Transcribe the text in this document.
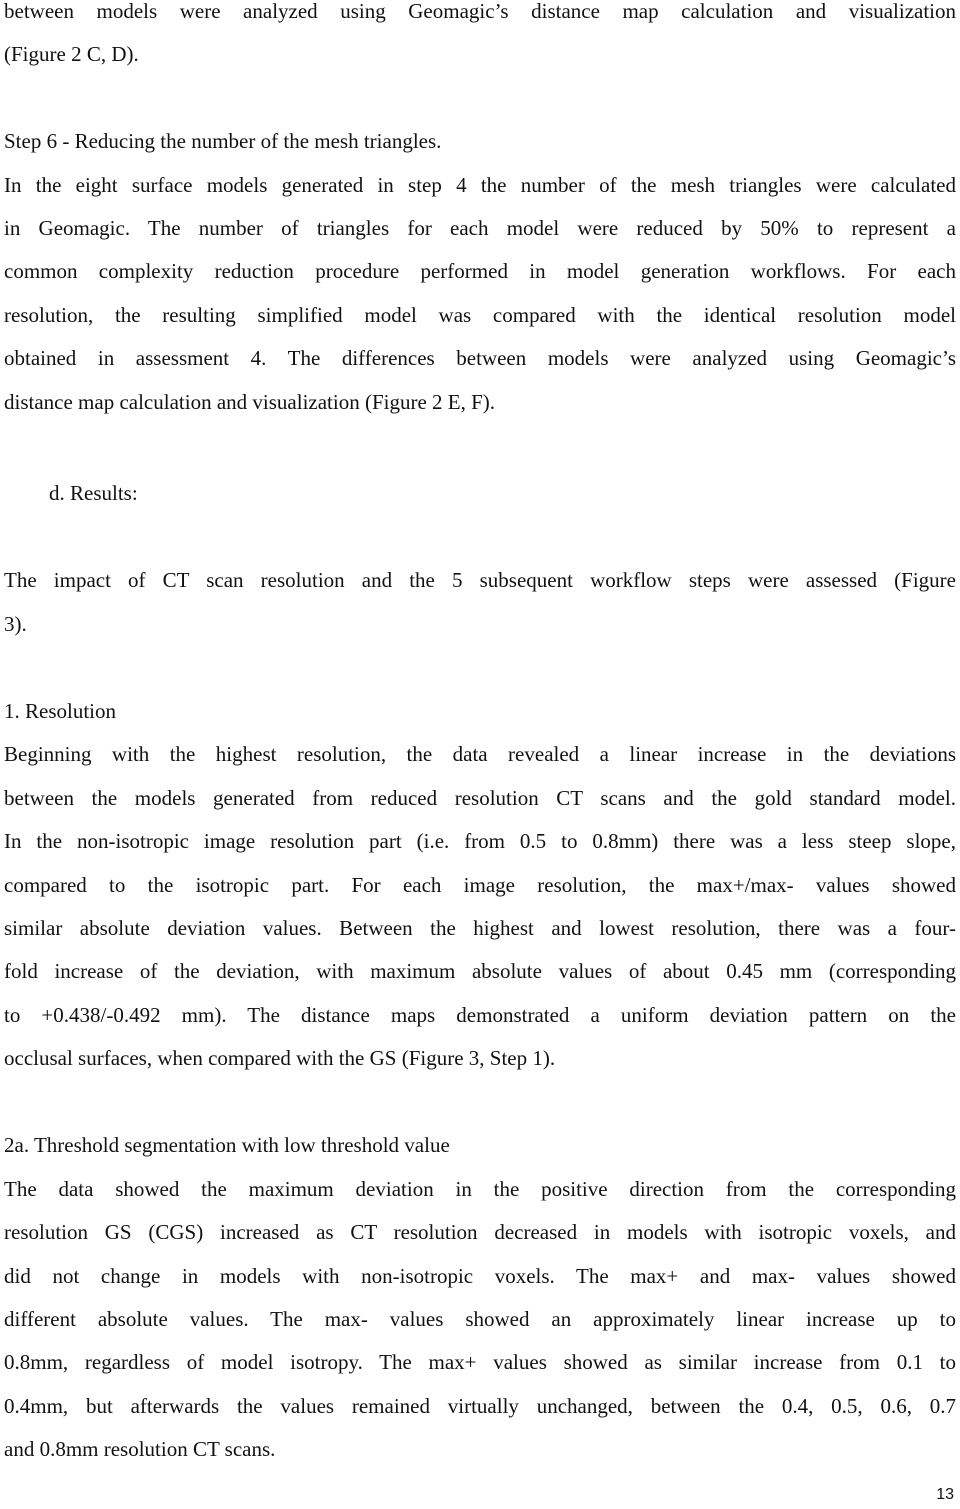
between models were analyzed using Geomagic’s distance map calculation and visualization
(Figure 2 C, D).
Step 6 - Reducing the number of the mesh triangles.
In the eight surface models generated in step 4 the number of the mesh triangles were calculated
in Geomagic. The number of triangles for each model were reduced by 50% to represent a
common complexity reduction procedure performed in model generation workflows. For each
resolution, the resulting simplified model was compared with the identical resolution model
obtained in assessment 4. The differences between models were analyzed using Geomagic’s
distance map calculation and visualization (Figure 2 E, F).
d. Results:
The impact of CT scan resolution and the 5 subsequent workflow steps were assessed (Figure
3).
1. Resolution
Beginning with the highest resolution, the data revealed a linear increase in the deviations
between the models generated from reduced resolution CT scans and the gold standard model.
In the non-isotropic image resolution part (i.e. from 0.5 to 0.8mm) there was a less steep slope,
compared to the isotropic part. For each image resolution, the max+/max- values showed
similar absolute deviation values. Between the highest and lowest resolution, there was a four-
fold increase of the deviation, with maximum absolute values of about 0.45 mm (corresponding
to +0.438/-0.492 mm). The distance maps demonstrated a uniform deviation pattern on the
occlusal surfaces, when compared with the GS (Figure 3, Step 1).
2a. Threshold segmentation with low threshold value
The data showed the maximum deviation in the positive direction from the corresponding
resolution GS (CGS) increased as CT resolution decreased in models with isotropic voxels, and
did not change in models with non-isotropic voxels. The max+ and max- values showed
different absolute values. The max- values showed an approximately linear increase up to
0.8mm, regardless of model isotropy. The max+ values showed as similar increase from 0.1 to
0.4mm, but afterwards the values remained virtually unchanged, between the 0.4, 0.5, 0.6, 0.7
and 0.8mm resolution CT scans.
13
